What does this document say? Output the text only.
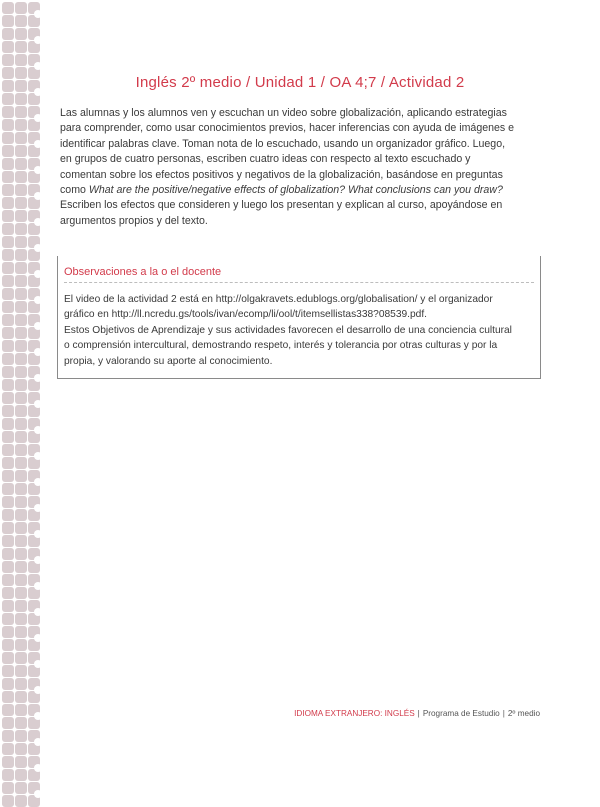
Inglés 2º medio / Unidad 1 / OA 4;7 / Actividad 2
Las alumnas y los alumnos ven y escuchan un video sobre globalización, aplicando estrategias
para comprender, como usar conocimientos previos, hacer inferencias con ayuda de imágenes e
identificar palabras clave. Toman nota de lo escuchado, usando un organizador gráfico. Luego,
en grupos de cuatro personas, escriben cuatro ideas con respecto al texto escuchado y
comentan sobre los efectos positivos y negativos de la globalización, basándose en preguntas
como What are the positive/negative effects of globalization? What conclusions can you draw?
Escriben los efectos que consideren y luego los presentan y explican al curso, apoyándose en
argumentos propios y del texto.
Observaciones a la o el docente
El video de la actividad 2 está en http://olgakravets.edublogs.org/globalisation/ y el organizador
gráfico en http://ll.ncredu.gs/tools/ivan/ecomp/li/ool/t/itemsellistas338?08539.pdf.
Estos Objetivos de Aprendizaje y sus actividades favorecen el desarrollo de una conciencia cultural
o comprensión intercultural, demostrando respeto, interés y tolerancia por otras culturas y por la
propia, y valorando su aporte al conocimiento.
IDIOMA EXTRANJERO: INGLÉS | Programa de Estudio | 2º medio
